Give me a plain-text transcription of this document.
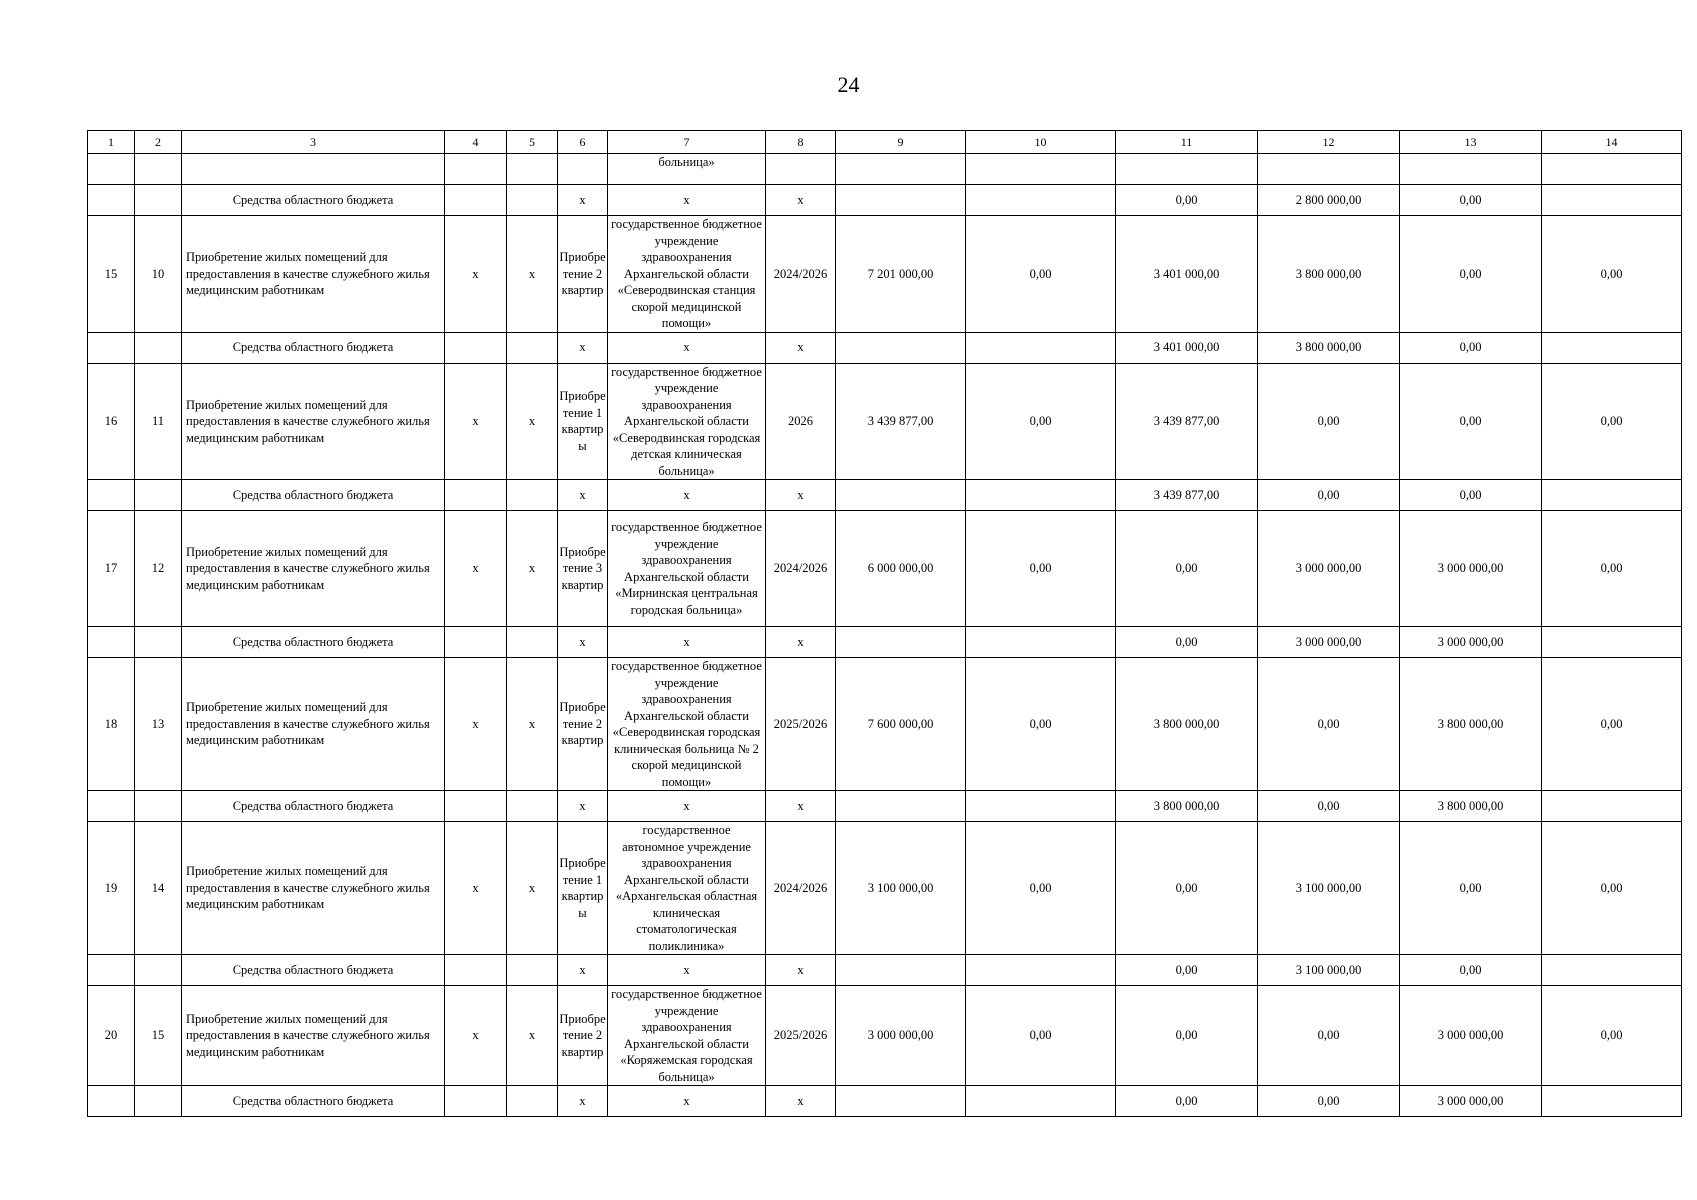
24
1	2	3	4	5	6	7	8	9	10	11	12	13	14
						больница»							
		Средства областного бюджета			х	х	х			0,00	2 800 000,00	0,00	
15	10	Приобретение жилых помещений для предоставления в качестве служебного жилья медицинским работникам	х	х	Приобретение 2 квартир	государственное бюджетное учреждение здравоохранения Архангельской области «Северодвинская станция скорой медицинской помощи»	2024/2026	7 201 000,00	0,00	3 401 000,00	3 800 000,00	0,00	0,00
		Средства областного бюджета			х	х	х			3 401 000,00	3 800 000,00	0,00	
16	11	Приобретение жилых помещений для предоставления в качестве служебного жилья медицинским работникам	х	х	Приобретение 1 квартиры	государственное бюджетное учреждение здравоохранения Архангельской области «Северодвинская городская детская клиническая больница»	2026	3 439 877,00	0,00	3 439 877,00	0,00	0,00	0,00
		Средства областного бюджета			х	х	х			3 439 877,00	0,00	0,00	
17	12	Приобретение жилых помещений для предоставления в качестве служебного жилья медицинским работникам	х	х	Приобретение 3 квартир	государственное бюджетное учреждение здравоохранения Архангельской области «Мирнинская центральная городская больница»	2024/2026	6 000 000,00	0,00	0,00	3 000 000,00	3 000 000,00	0,00
		Средства областного бюджета			х	х	х			0,00	3 000 000,00	3 000 000,00	
18	13	Приобретение жилых помещений для предоставления в качестве служебного жилья медицинским работникам	х	х	Приобретение 2 квартир	государственное бюджетное учреждение здравоохранения Архангельской области «Северодвинская городская клиническая больница № 2 скорой медицинской помощи»	2025/2026	7 600 000,00	0,00	3 800 000,00	0,00	3 800 000,00	0,00
		Средства областного бюджета			х	х	х			3 800 000,00	0,00	3 800 000,00	
19	14	Приобретение жилых помещений для предоставления в качестве служебного жилья медицинским работникам	х	х	Приобретение 1 квартиры	государственное автономное учреждение здравоохранения Архангельской области «Архангельская областная клиническая стоматологическая поликлиника»	2024/2026	3 100 000,00	0,00	0,00	3 100 000,00	0,00	0,00
		Средства областного бюджета			х	х	х			0,00	3 100 000,00	0,00	
20	15	Приобретение жилых помещений для предоставления в качестве служебного жилья медицинским работникам	х	х	Приобретение 2 квартир	государственное бюджетное учреждение здравоохранения Архангельской области «Коряжемская городская больница»	2025/2026	3 000 000,00	0,00	0,00	0,00	3 000 000,00	0,00
		Средства областного бюджета			х	х	х			0,00	0,00	3 000 000,00	
